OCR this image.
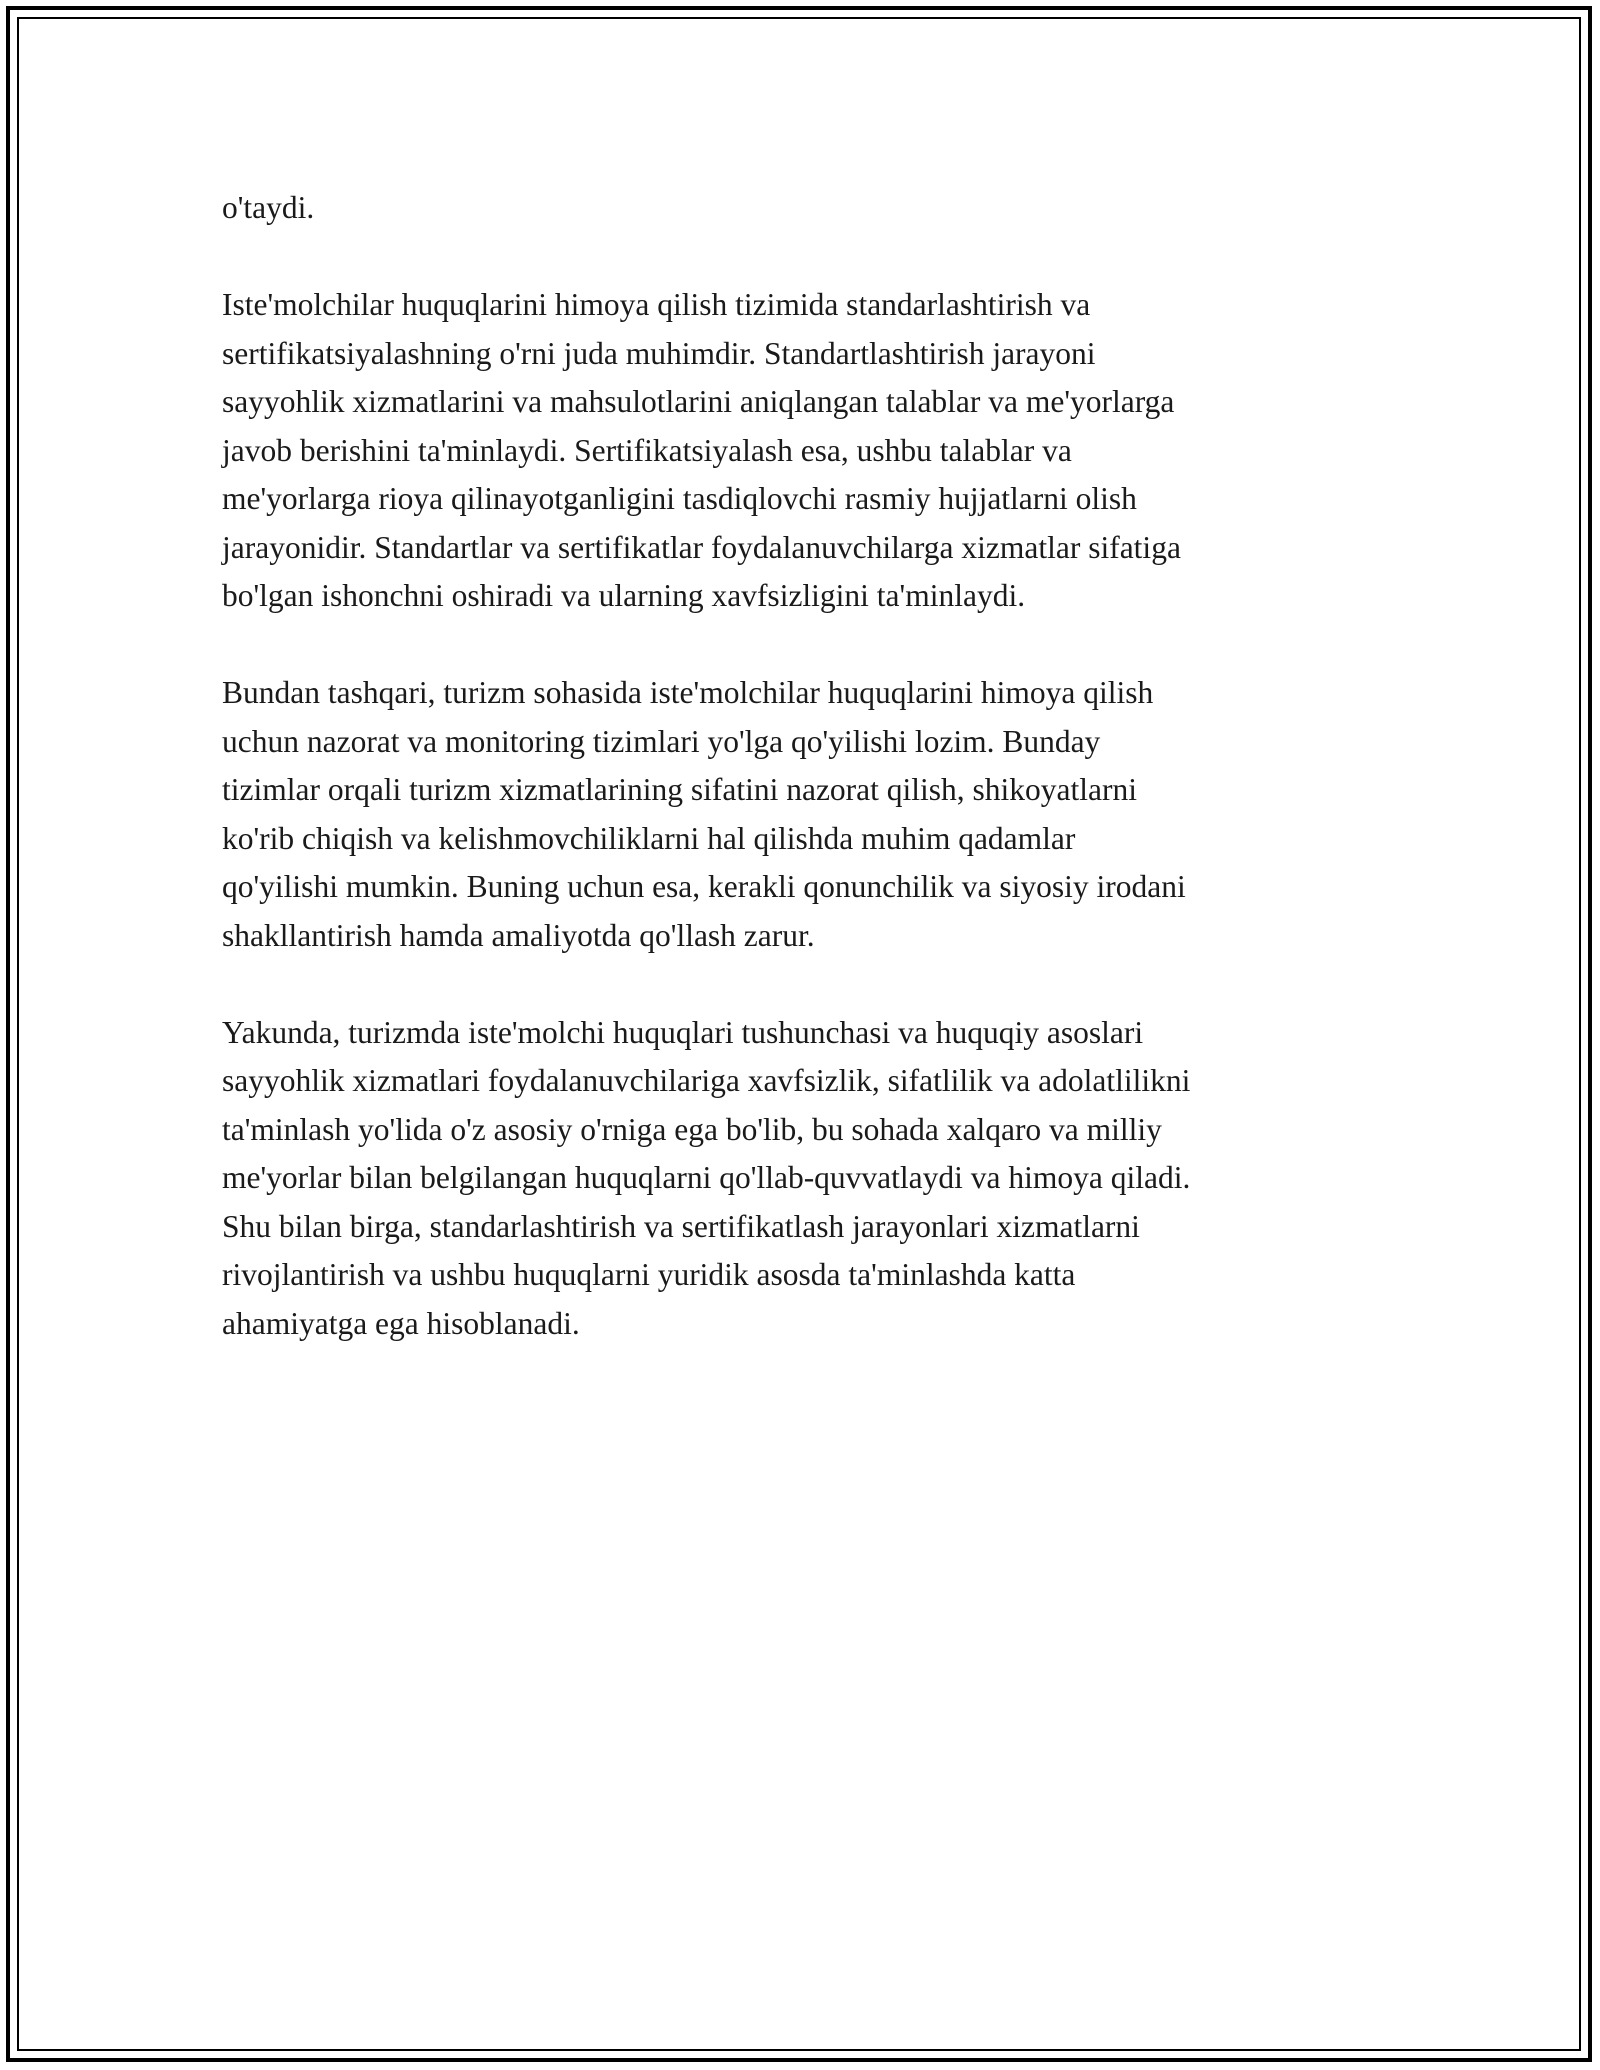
o'taydi.

Iste'molchilar huquqlarini himoya qilish tizimida standarlashtirish va
sertifikatsiyalashning o'rni juda muhimdir. Standartlashtirish jarayoni
sayyohlik xizmatlarini va mahsulotlarini aniqlangan talablar va me'yorlarga
javob berishini ta'minlaydi. Sertifikatsiyalash esa, ushbu talablar va
me'yorlarga rioya qilinayotganligini tasdiqlovchi rasmiy hujjatlarni olish
jarayonidir. Standartlar va sertifikatlar foydalanuvchilarga xizmatlar sifatiga
bo'lgan ishonchni oshiradi va ularning xavfsizligini ta'minlaydi.

Bundan tashqari, turizm sohasida iste'molchilar huquqlarini himoya qilish
uchun nazorat va monitoring tizimlari yo'lga qo'yilishi lozim. Bunday
tizimlar orqali turizm xizmatlarining sifatini nazorat qilish, shikoyatlarni
ko'rib chiqish va kelishmovchiliklarni hal qilishda muhim qadamlar
qo'yilishi mumkin. Buning uchun esa, kerakli qonunchilik va siyosiy irodani
shakllantirish hamda amaliyotda qo'llash zarur.

Yakunda, turizmda iste'molchi huquqlari tushunchasi va huquqiy asoslari
sayyohlik xizmatlari foydalanuvchilariga xavfsizlik, sifatlilik va adolatlilikni
ta'minlash yo'lida o'z asosiy o'rniga ega bo'lib, bu sohada xalqaro va milliy
me'yorlar bilan belgilangan huquqlarni qo'llab-quvvatlaydi va himoya qiladi.
Shu bilan birga, standarlashtirish va sertifikatlash jarayonlari xizmatlarni
rivojlantirish va ushbu huquqlarni yuridik asosda ta'minlashda katta
ahamiyatga ega hisoblanadi.
